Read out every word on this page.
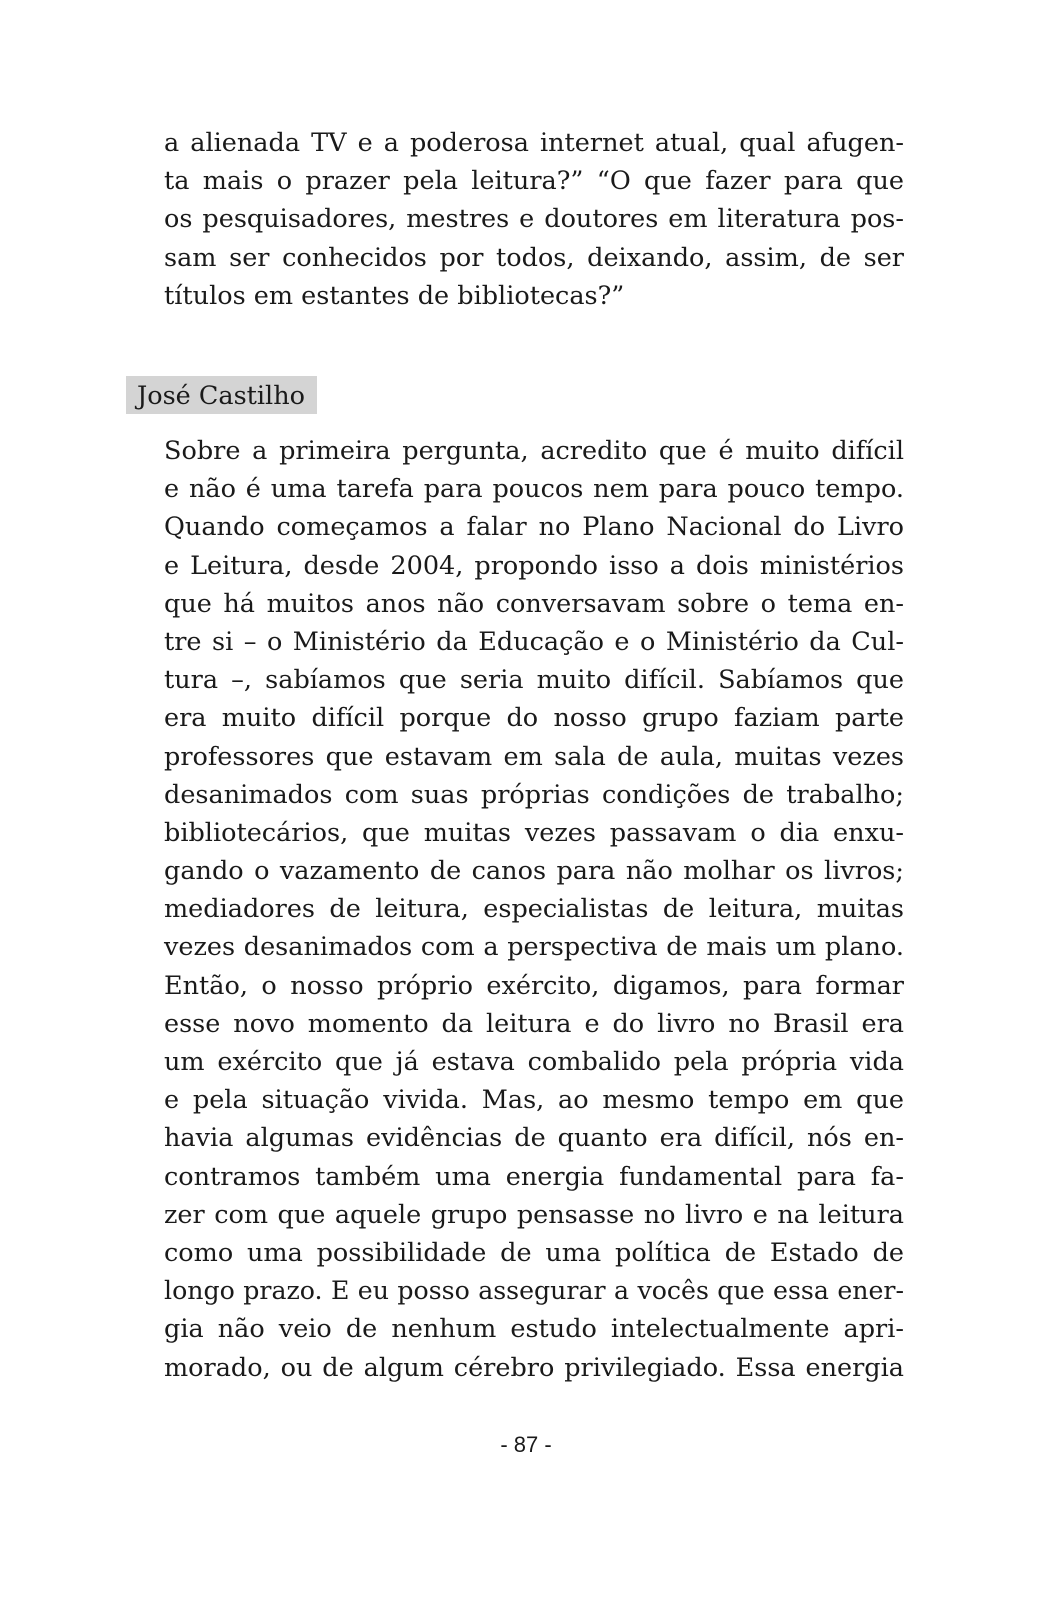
a alienada TV e a poderosa internet atual, qual afugen-
ta mais o prazer pela leitura?” “O que fazer para que
os pesquisadores, mestres e doutores em literatura pos-
sam ser conhecidos por todos, deixando, assim, de ser
títulos em estantes de bibliotecas?”
José Castilho
Sobre a primeira pergunta, acredito que é muito difícil
e não é uma tarefa para poucos nem para pouco tempo.
Quando começamos a falar no Plano Nacional do Livro
e Leitura, desde 2004, propondo isso a dois ministérios
que há muitos anos não conversavam sobre o tema en-
tre si – o Ministério da Educação e o Ministério da Cul-
tura –, sabíamos que seria muito difícil. Sabíamos que
era muito difícil porque do nosso grupo faziam parte
professores que estavam em sala de aula, muitas vezes
desanimados com suas próprias condições de trabalho;
bibliotecários, que muitas vezes passavam o dia enxu-
gando o vazamento de canos para não molhar os livros;
mediadores de leitura, especialistas de leitura, muitas
vezes desanimados com a perspectiva de mais um plano.
Então, o nosso próprio exército, digamos, para formar
esse novo momento da leitura e do livro no Brasil era
um exército que já estava combalido pela própria vida
e pela situação vivida. Mas, ao mesmo tempo em que
havia algumas evidências de quanto era difícil, nós en-
contramos também uma energia fundamental para fa-
zer com que aquele grupo pensasse no livro e na leitura
como uma possibilidade de uma política de Estado de
longo prazo. E eu posso assegurar a vocês que essa ener-
gia não veio de nenhum estudo intelectualmente apri-
morado, ou de algum cérebro privilegiado. Essa energia
- 87 -
